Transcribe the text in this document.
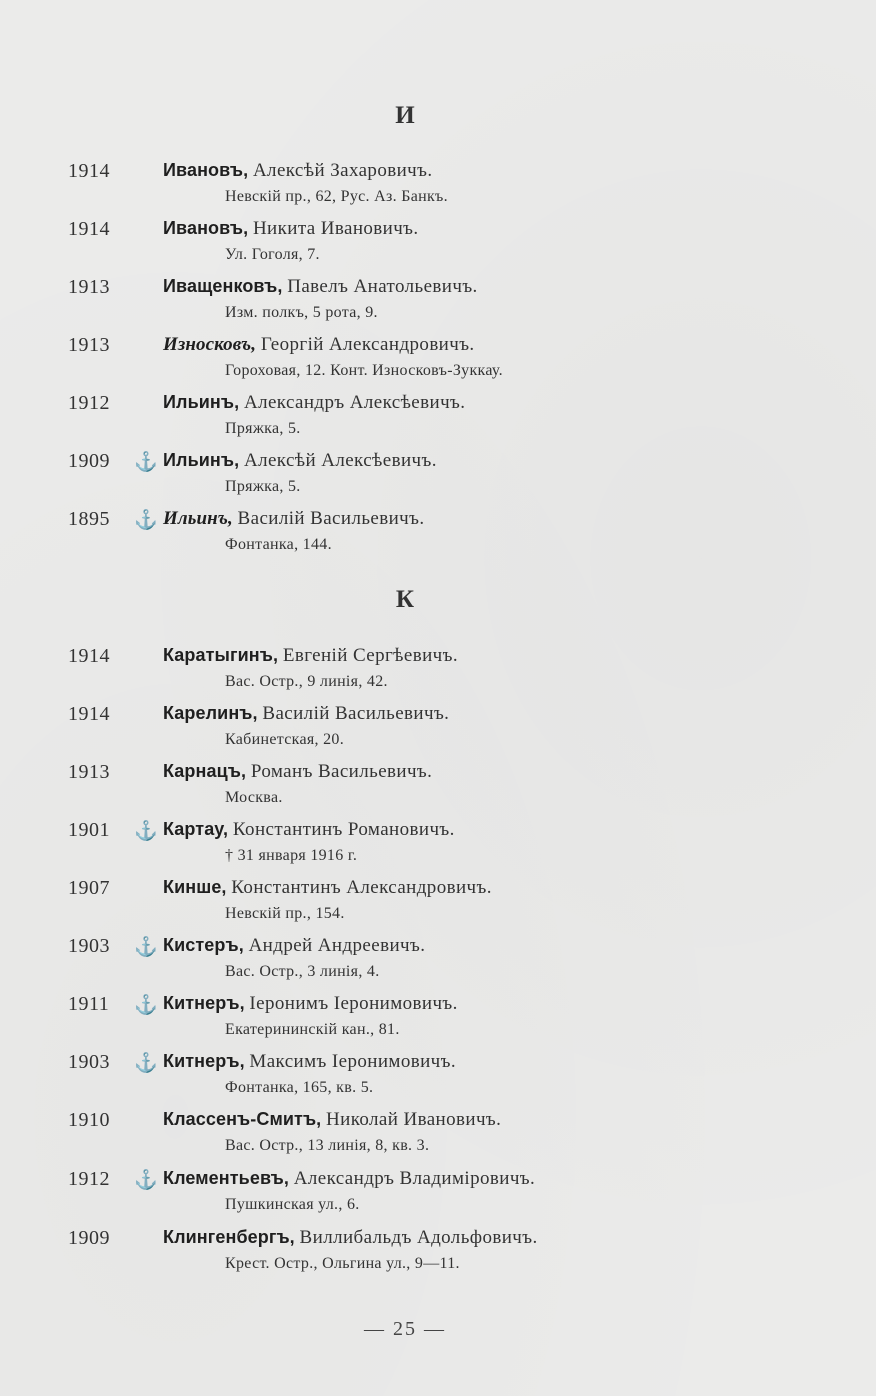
И
1914	Ивановъ, Алексѣй Захаровичъ.
Невскій пр., 62, Рус. Аз. Банкъ.
1914	Ивановъ, Никита Ивановичъ.
Ул. Гоголя, 7.
1913	Иващенковъ, Павелъ Анатольевичъ.
Изм. полкъ, 5 рота, 9.
1913	Износковъ, Георгій Александровичъ.
Гороховая, 12. Конт. Износковъ-Зуккау.
1912	Ильинъ, Александръ Алексѣевичъ.
Пряжка, 5.
1909	⚓ Ильинъ, Алексѣй Алексѣевичъ.
Пряжка, 5.
1895	⚓ Ильинъ, Василій Васильевичъ.
Фонтанка, 144.
К
1914	Каратыгинъ, Евгеній Сергѣевичъ.
Вас. Остр., 9 линія, 42.
1914	Карелинъ, Василій Васильевичъ.
Кабинетская, 20.
1913	Карнацъ, Романъ Васильевичъ.
Москва.
1901	⚓ Картау, Константинъ Романовичъ.
† 31 января 1916 г.
1907	Кинше, Константинъ Александровичъ.
Невскій пр., 154.
1903	⚓ Кистеръ, Андрей Андреевичъ.
Вас. Остр., 3 линія, 4.
1911	⚓ Китнеръ, Іеронимъ Іеронимовичъ.
Екатерининскій кан., 81.
1903	⚓ Китнеръ, Максимъ Іеронимовичъ.
Фонтанка, 165, кв. 5.
1910	Классенъ-Смитъ, Николай Ивановичъ.
Вас. Остр., 13 линія, 8, кв. 3.
1912	⚓ Клементьевъ, Александръ Владиміровичъ.
Пушкинская ул., 6.
1909	Клингенбергъ, Виллибальдъ Адольфовичъ.
Крест. Остр., Ольгина ул., 9—11.
— 25 —
